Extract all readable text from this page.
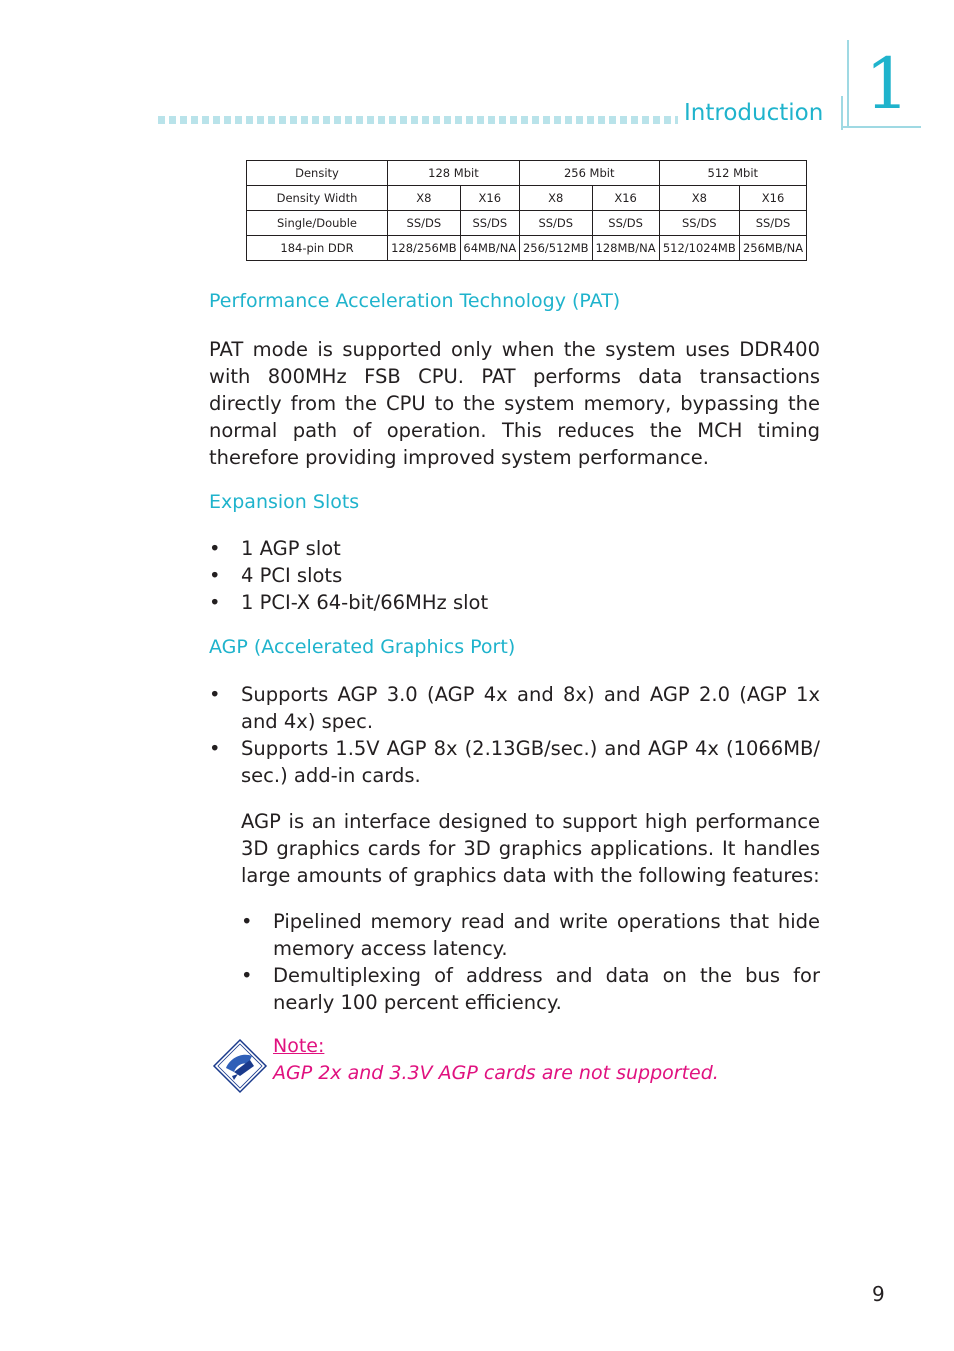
Introduction 1
Density	128 Mbit		256 Mbit		512 Mbit	
Density Width	X8	X16	X8	X16	X8	X16
Single/Double	SS/DS	SS/DS	SS/DS	SS/DS	SS/DS	SS/DS
184-pin DDR	128/256MB	64MB/NA	256/512MB	128MB/NA	512/1024MB	256MB/NA
Performance Acceleration Technology (PAT)
PAT mode is supported only when the system uses DDR400 with 800MHz FSB CPU. PAT performs data transactions directly from the CPU to the system memory, bypassing the normal path of operation. This reduces the MCH timing therefore providing improved system performance.
Expansion Slots
• 1 AGP slot
• 4 PCI slots
• 1 PCI-X 64-bit/66MHz slot
AGP (Accelerated Graphics Port)
• Supports AGP 3.0 (AGP 4x and 8x) and AGP 2.0 (AGP 1x and 4x) spec.
• Supports 1.5V AGP 8x (2.13GB/sec.) and AGP 4x (1066MB/ sec.) add-in cards.
AGP is an interface designed to support high performance 3D graphics cards for 3D graphics applications. It handles large amounts of graphics data with the following features:
• Pipelined memory read and write operations that hide memory access latency.
• Demultiplexing of address and data on the bus for nearly 100 percent efficiency.
Note:
AGP 2x and 3.3V AGP cards are not supported.
9
